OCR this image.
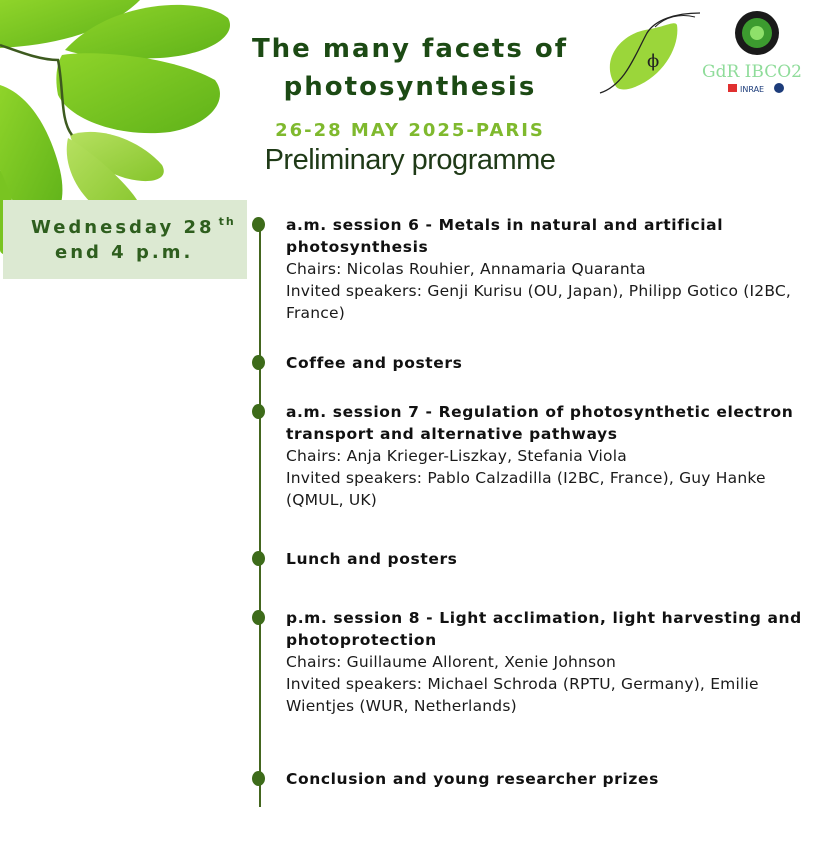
The many facets of
photosynthesis
26-28 MAY 2025-PARIS
Preliminary programme
ϕ	GdR IBCO2
INRAE
Wednesday 28 $^{th}$
end 4 p.m.
a.m. session 6 - Metals in natural and artificial photosynthesis
Chairs: Nicolas Rouhier, Annamaria Quaranta
Invited speakers: Genji Kurisu (OU, Japan), Philipp Gotico (I2BC, France)
Coffee and posters
a.m. session 7 - Regulation of photosynthetic electron transport and alternative pathways
Chairs: Anja Krieger-Liszkay, Stefania Viola
Invited speakers: Pablo Calzadilla (I2BC, France), Guy Hanke (QMUL, UK)
Lunch and posters
p.m. session 8 - Light acclimation, light harvesting and photoprotection
Chairs: Guillaume Allorent, Xenie Johnson
Invited speakers: Michael Schroda (RPTU, Germany), Emilie Wientjes (WUR, Netherlands)
Conclusion and young researcher prizes
